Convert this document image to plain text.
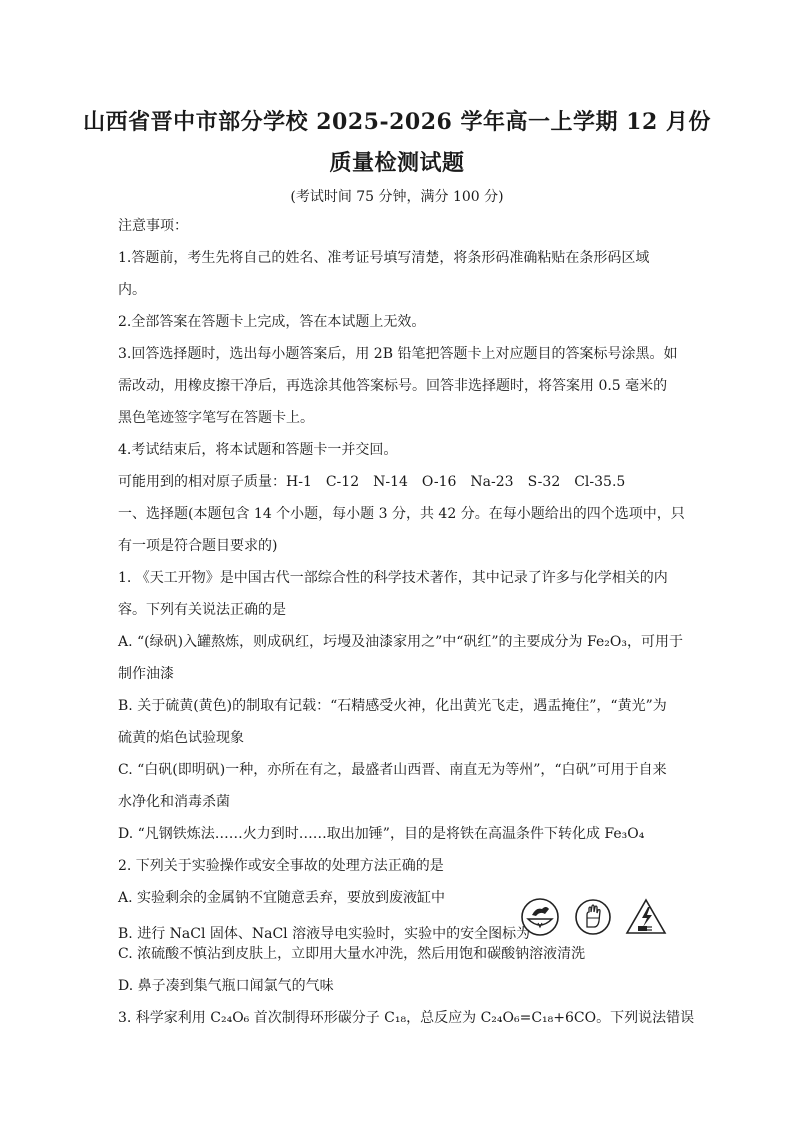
山西省晋中市部分学校 2025-2026 学年高一上学期 12 月份
质量检测试题
(考试时间 75 分钟，满分 100 分)
注意事项：
1.答题前，考生先将自己的姓名、准考证号填写清楚，将条形码准确粘贴在条形码区域
内。
2.全部答案在答题卡上完成，答在本试题上无效。
3.回答选择题时，选出每小题答案后，用 2B 铅笔把答题卡上对应题目的答案标号涂黑。如
需改动，用橡皮擦干净后，再选涂其他答案标号。回答非选择题时，将答案用 0.5 毫米的
黑色笔迹签字笔写在答题卡上。
4.考试结束后，将本试题和答题卡一并交回。
可能用到的相对原子质量：H-1　C-12　N-14　O-16　Na-23　S-32　Cl-35.5
一、选择题(本题包含 14 个小题，每小题 3 分，共 42 分。在每小题给出的四个选项中，只
有一项是符合题目要求的)
1. 《天工开物》是中国古代一部综合性的科学技术著作，其中记录了许多与化学相关的内
容。下列有关说法正确的是
A. “(绿矾)入罐熬炼，则成矾红，圬墁及油漆家用之”中“矾红”的主要成分为 Fe₂O₃，可用于
制作油漆
B. 关于硫黄(黄色)的制取有记载：“石精感受火神，化出黄光飞走，遇盂掩住”，“黄光”为
硫黄的焰色试验现象
C. “白矾(即明矾)一种，亦所在有之，最盛者山西晋、南直无为等州”，“白矾”可用于自来
水净化和消毒杀菌
D. “凡钢铁炼法……火力到时……取出加锤”，目的是将铁在高温条件下转化成 Fe₃O₄
2. 下列关于实验操作或安全事故的处理方法正确的是
A. 实验剩余的金属钠不宜随意丢弃，要放到废液缸中
B. 进行 NaCl 固体、NaCl 溶液导电实验时，实验中的安全图标为
C. 浓硫酸不慎沾到皮肤上，立即用大量水冲洗，然后用饱和碳酸钠溶液清洗
D. 鼻子凑到集气瓶口闻氯气的气味
3. 科学家利用 C₂₄O₆ 首次制得环形碳分子 C₁₈，总反应为 C₂₄O₆=C₁₈+6CO。下列说法错误
